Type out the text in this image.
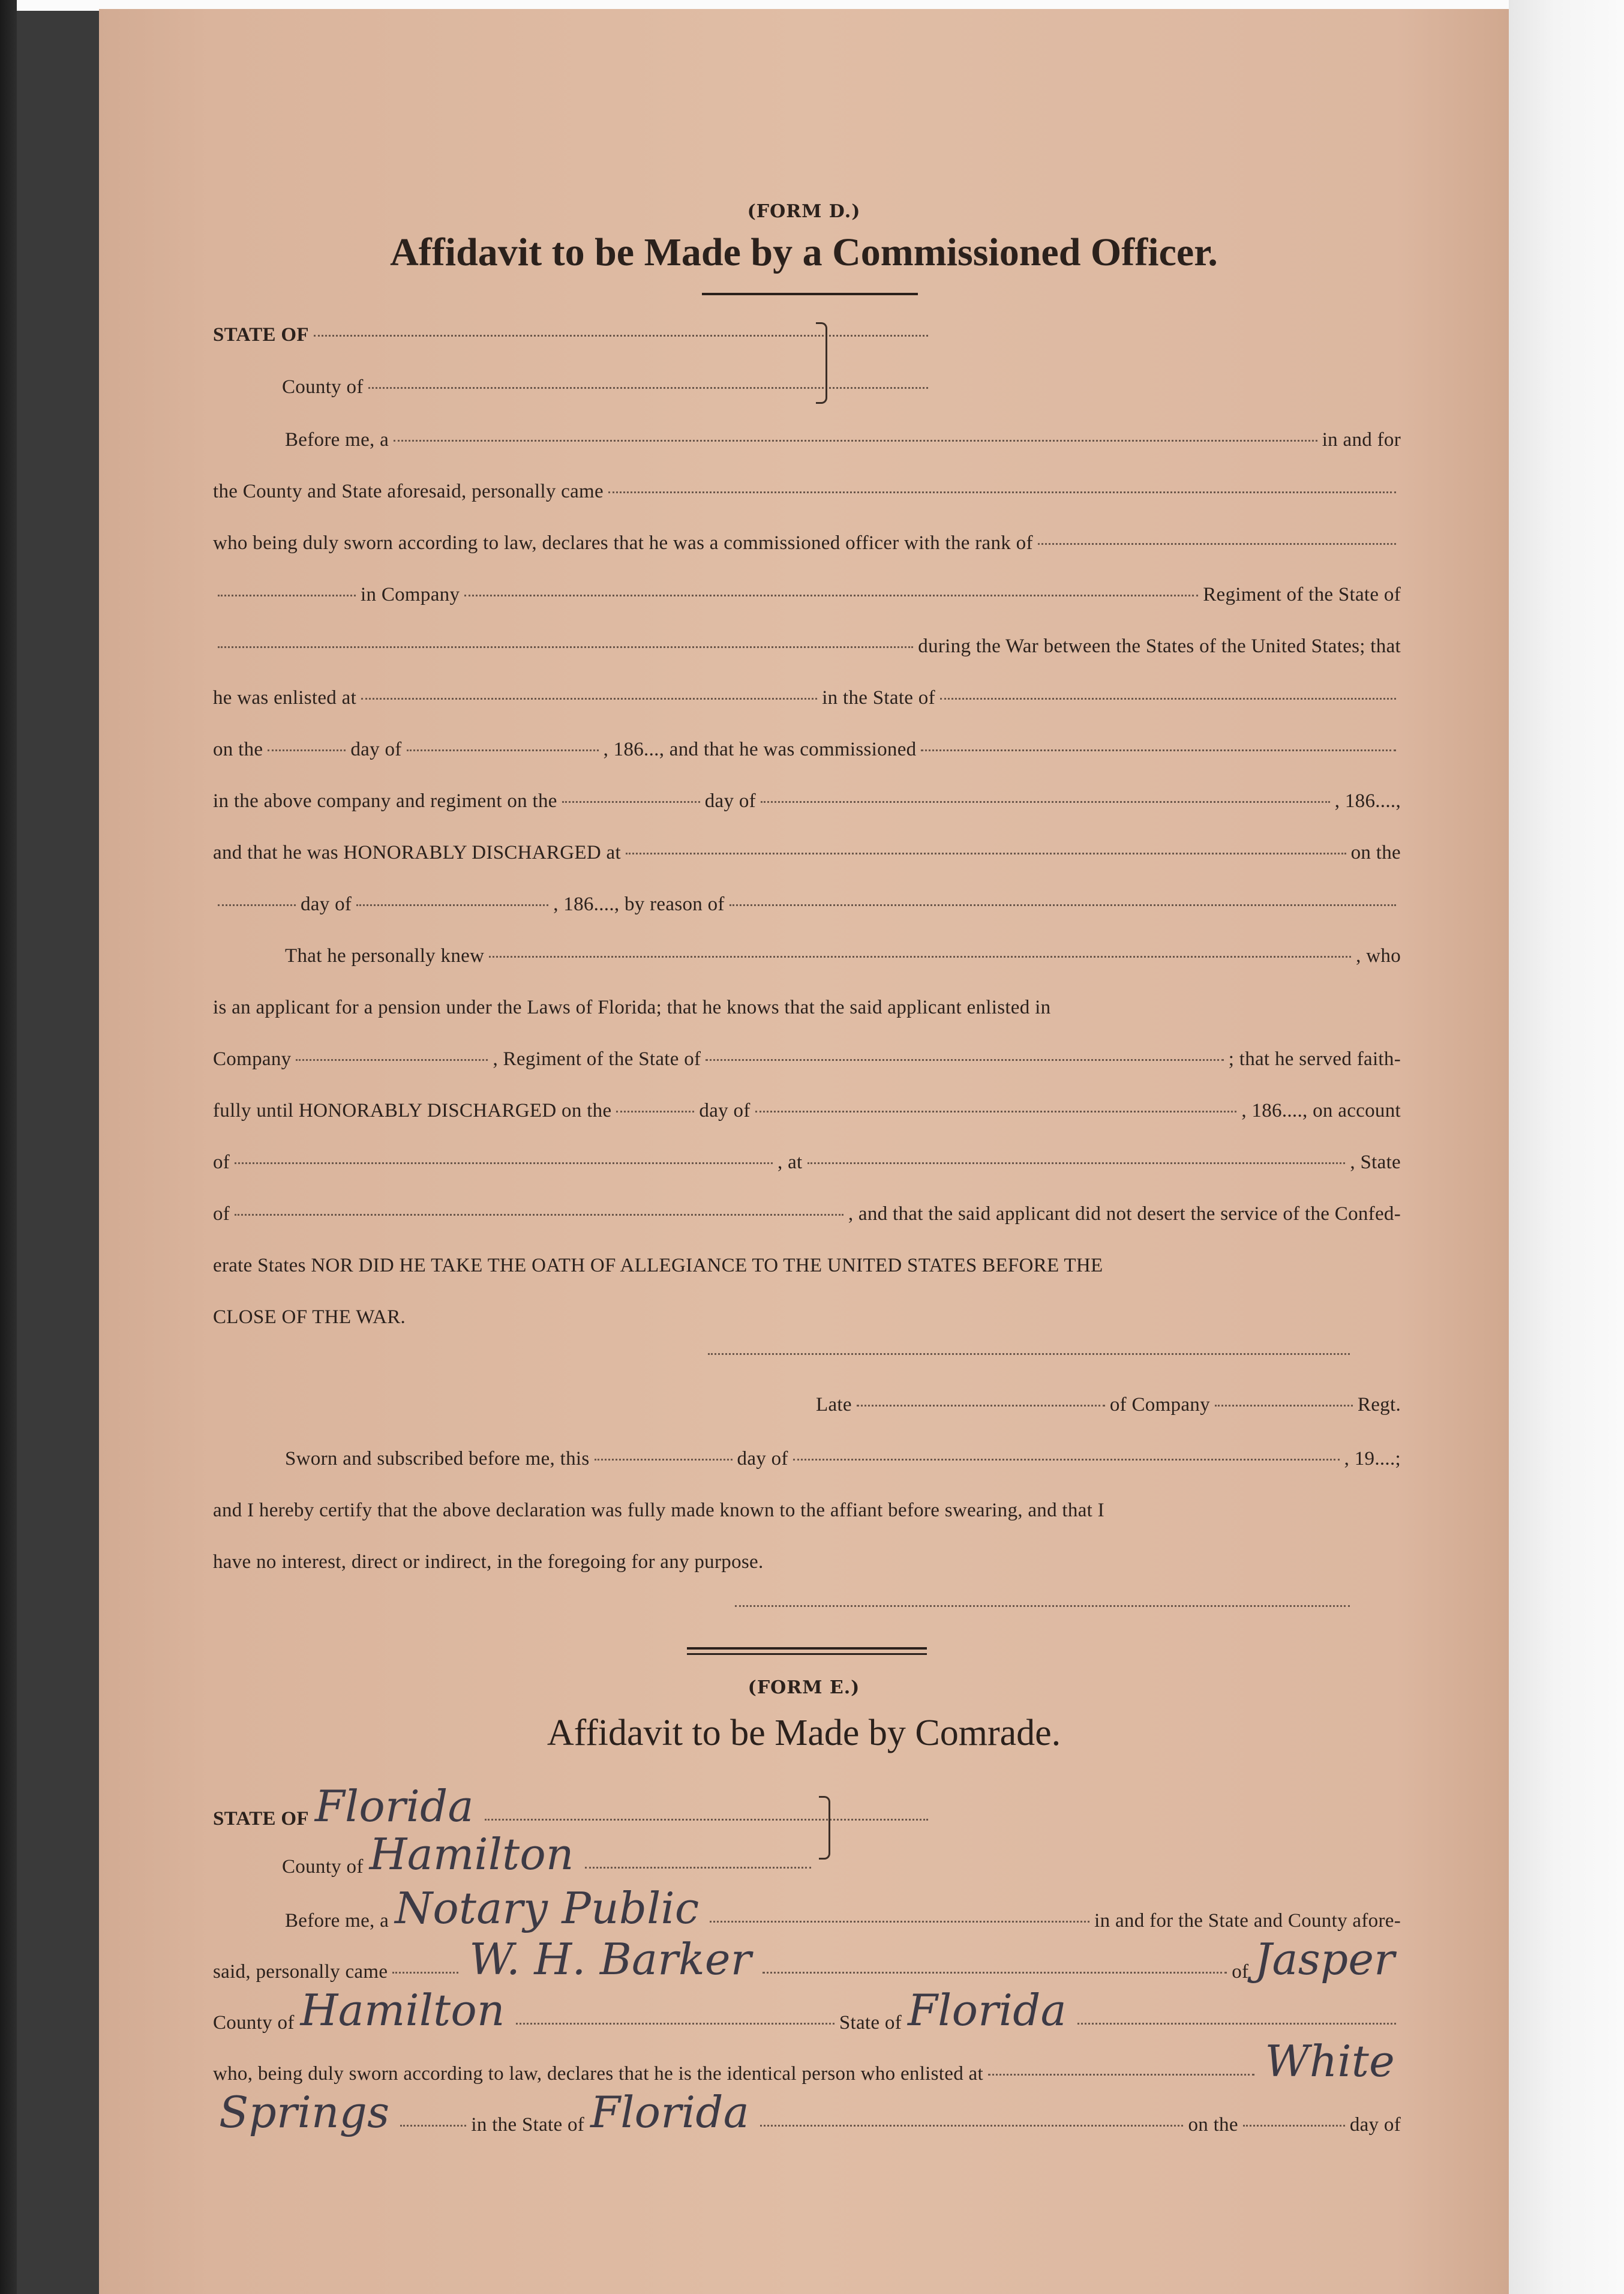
(FORM D.)
Affidavit to be Made by a Commissioned Officer.
STATE OF
County of
Before me, a	in and for
the County and State aforesaid, personally came
who being duly sworn according to law, declares that he was a commissioned officer with the rank of
in Company	Regiment of the State of
during the War between the States of the United States; that
he was enlisted at	in the State of
on the	day of	, 186..., and that he was commissioned
in the above company and regiment on the	day of	, 186....,
and that he was HONORABLY DISCHARGED at	on the
day of	, 186...., by reason of
That he personally knew	, who
is an applicant for a pension under the Laws of Florida; that he knows that the said applicant enlisted in
Company	, Regiment of the State of	; that he served faith-
fully until HONORABLY DISCHARGED on the	day of	, 186...., on account
of	, at	, State
of	, and that the said applicant did not desert the service of the Confed-
erate States NOR DID HE TAKE THE OATH OF ALLEGIANCE TO THE UNITED STATES BEFORE THE
CLOSE OF THE WAR.
Late	of Company	Regt.
Sworn and subscribed before me, this	day of	, 19....;
and I hereby certify that the above declaration was fully made known to the affiant before swearing, and that I
have no interest, direct or indirect, in the foregoing for any purpose.
(FORM E.)
Affidavit to be Made by Comrade.
STATE OF Florida
County of Hamilton
Before me, a Notary Public	in and for the State and County afore-
said, personally came W. H. Barker	of Jasper
County of Hamilton	State of Florida
who, being duly sworn according to law, declares that he is the identical person who enlisted at	White
Springs	in the State of Florida	on the	day of
